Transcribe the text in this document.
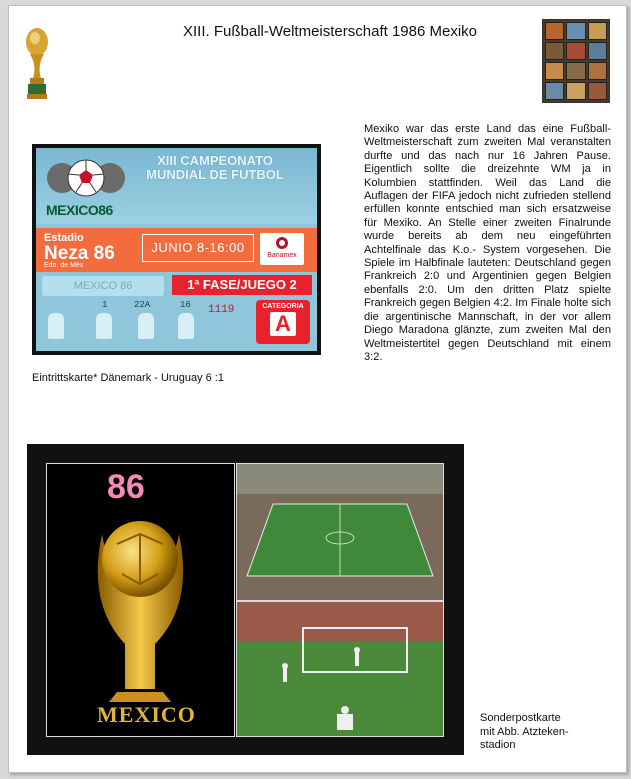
XIII. Fußball-Weltmeisterschaft 1986 Mexiko
MEXICO86
XIII CAMPEONATO
MUNDIAL DE FUTBOL
Estadio
Neza 86
Edo. de Méx
JUNIO 8-16:00
Banamex
MEXICO 86	1ª FASE/JUEGO 2
1	22A	16 1119	CATEGORIA
A
Eintrittskarte* Dänemark - Uruguay 6 :1
Mexiko war das erste Land das eine Fußball-Weltmeisterschaft zum zweiten Mal veranstalten durfte und das nach nur 16 Jahren Pause. Eigentlich sollte die dreizehnte WM ja in Kolumbien stattfinden. Weil das Land die Auflagen der FIFA jedoch nicht zufrieden stellend erfüllen konnte entschied man sich ersatzweise für Mexiko. An Stelle einer zweiten Finalrunde wurde bereits ab dem neu eingeführten Achtelfinale das K.o.- System vorgesehen. Die Spiele im Halbfinale lauteten: Deutschland gegen Frankreich 2:0 und Argentinien gegen Belgien ebenfalls 2:0. Um den dritten Platz spielte Frankreich gegen Belgien 4:2. Im Finale holte sich die argentinische Mannschaft, in der vor allem Diego Maradona glänzte, zum zweiten Mal den Weltmeistertitel gegen Deutschland mit einem 3:2.
86
MEXICO	Sonderpostkarte
mit Abb. Atzteken-
stadion
